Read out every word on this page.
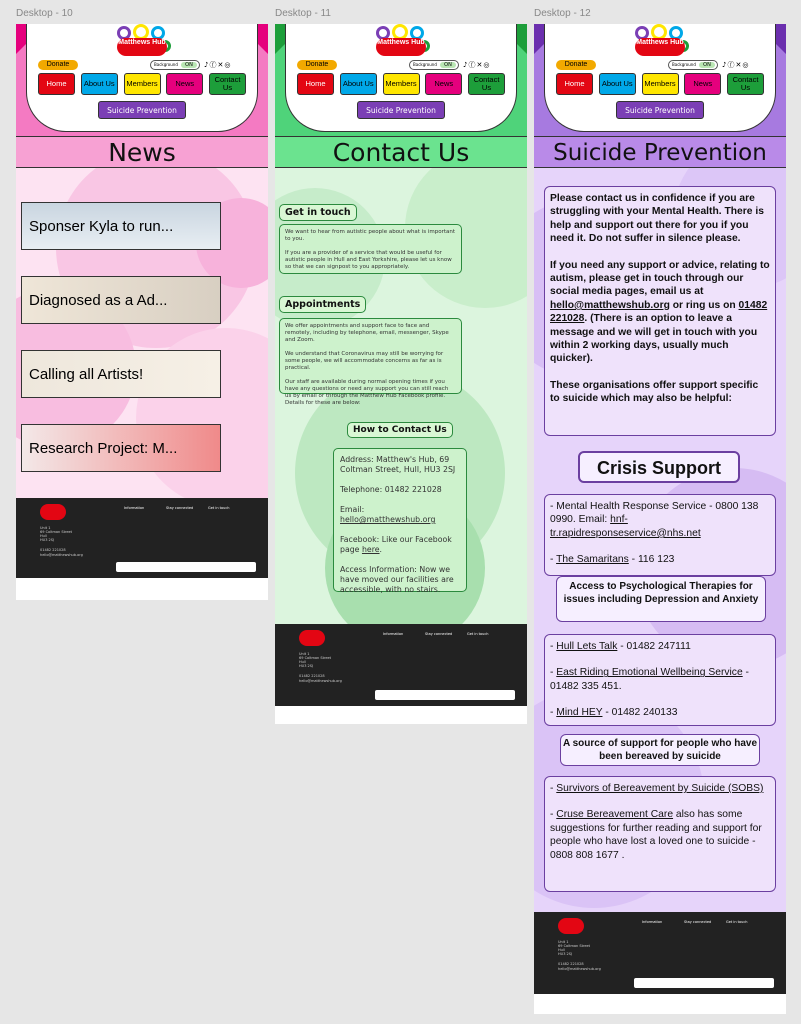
Desktop - 10
Matthews Hub
Donate	Background	ON	♪ⓕ✕◎
Home	About Us	Members	News	Contact Us
Suicide Prevention
News
Sponser Kyla to run...
Diagnosed as a Ad...
Calling all Artists!
Research Project: M...
Unit 1
69 Coltman Street
Hull
HU3 2SJ
01482 221028
hello@matthewshub.org
Information	Stay connected	Get in touch
Desktop - 11
Matthews Hub
Donate	Background	ON	♪ⓕ✕◎
Home	About Us	Members	News	Contact Us
Suicide Prevention
Contact Us
Get in touch
We want to hear from autistic people about what is important to you.

If you are a provider of a service that would be useful for autistic people in Hull and East Yorkshire, please let us know so that we can signpost to you appropriately.
Appointments
We offer appointments and support face to face and remotely, including by telephone, email, messenger, Skype and Zoom.

We understand that Coronavirus may still be worrying for some people, we will accommodate concerns as far as is practical.

Our staff are available during normal opening times if you have any questions or need any support you can still reach us by email or through the Matthew Hub Facebook profile. Details for these are below:
How to Contact Us
Address: Matthew's Hub, 69 Coltman Street, Hull, HU3 2SJ
Telephone: 01482 221028
Email: hello@matthewshub.org
Facebook: Like our Facebook page here.
Access Information: Now we have moved our facilities are accessible, with no stairs.
Unit 1
69 Coltman Street
Hull
HU3 2SJ
01482 221028
hello@matthewshub.org
Information	Stay connected	Get in touch
Desktop - 12
Matthews Hub
Donate	Background	ON	♪ⓕ✕◎
Home	About Us	Members	News	Contact Us
Suicide Prevention
Suicide Prevention
Please contact us in confidence if you are struggling with your Mental Health. There is help and support out there for you if you need it. Do not suffer in silence please.
If you need any support or advice, relating to autism, please get in touch through our social media pages, email us at hello@matthewshub.org or ring us on 01482 221028. (There is an option to leave a message and we will get in touch with you within 2 working days, usually much quicker).
These organisations offer support specific to suicide which may also be helpful:
Crisis Support
- Mental Health Response Service - 0800 138 0990. Email: hnf-tr.rapidresponseservice@nhs.net
- The Samaritans - 116 123
Access to Psychological Therapies for issues including Depression and Anxiety
- Hull Lets Talk - 01482 247111
- East Riding Emotional Wellbeing Service - 01482 335 451.
- Mind HEY - 01482 240133
A source of support for people who have been bereaved by suicide
- Survivors of Bereavement by Suicide (SOBS)
- Cruse Bereavement Care also has some suggestions for further reading and support for people who have lost a loved one to suicide - 0808 808 1677 .
Unit 1
69 Coltman Street
Hull
HU3 2SJ
01482 221028
hello@matthewshub.org
Information	Stay connected	Get in touch
